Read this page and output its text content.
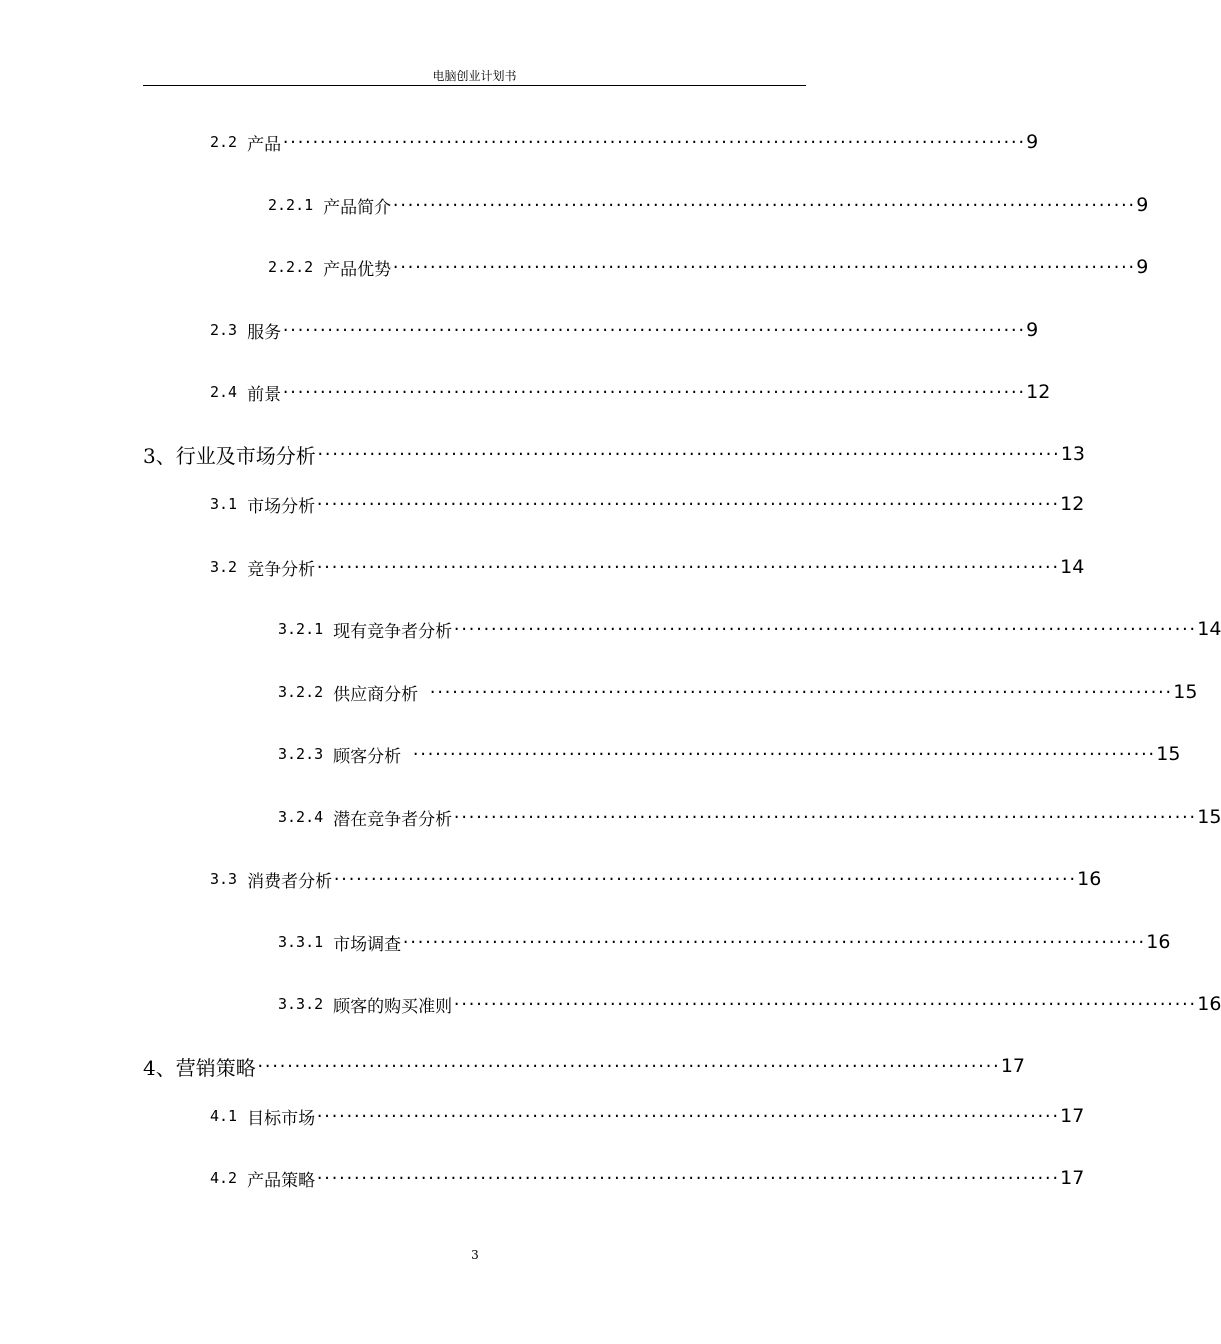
电脑创业计划书
2.2 产品 ···································································································· 9
2.2.1 产品简介 ···································································································· 9
2.2.2 产品优势 ···································································································· 9
2.3 服务 ···································································································· 9
2.4 前景 ···································································································· 12
3、 行业及市场分析 ···································································································· 13
3.1 市场分析 ···································································································· 12
3.2 竞争分析 ···································································································· 14
3.2.1 现有竞争者分析 ···································································································· 14
3.2.2 供应商分析 ···································································································· 15
3.2.3 顾客分析 ···································································································· 15
3.2.4 潜在竞争者分析 ···································································································· 15
3.3 消费者分析 ···································································································· 16
3.3.1 市场调查 ···································································································· 16
3.3.2 顾客的购买准则 ···································································································· 16
4、 营销策略 ···································································································· 17
4.1 目标市场 ···································································································· 17
4.2 产品策略 ···································································································· 17
3
